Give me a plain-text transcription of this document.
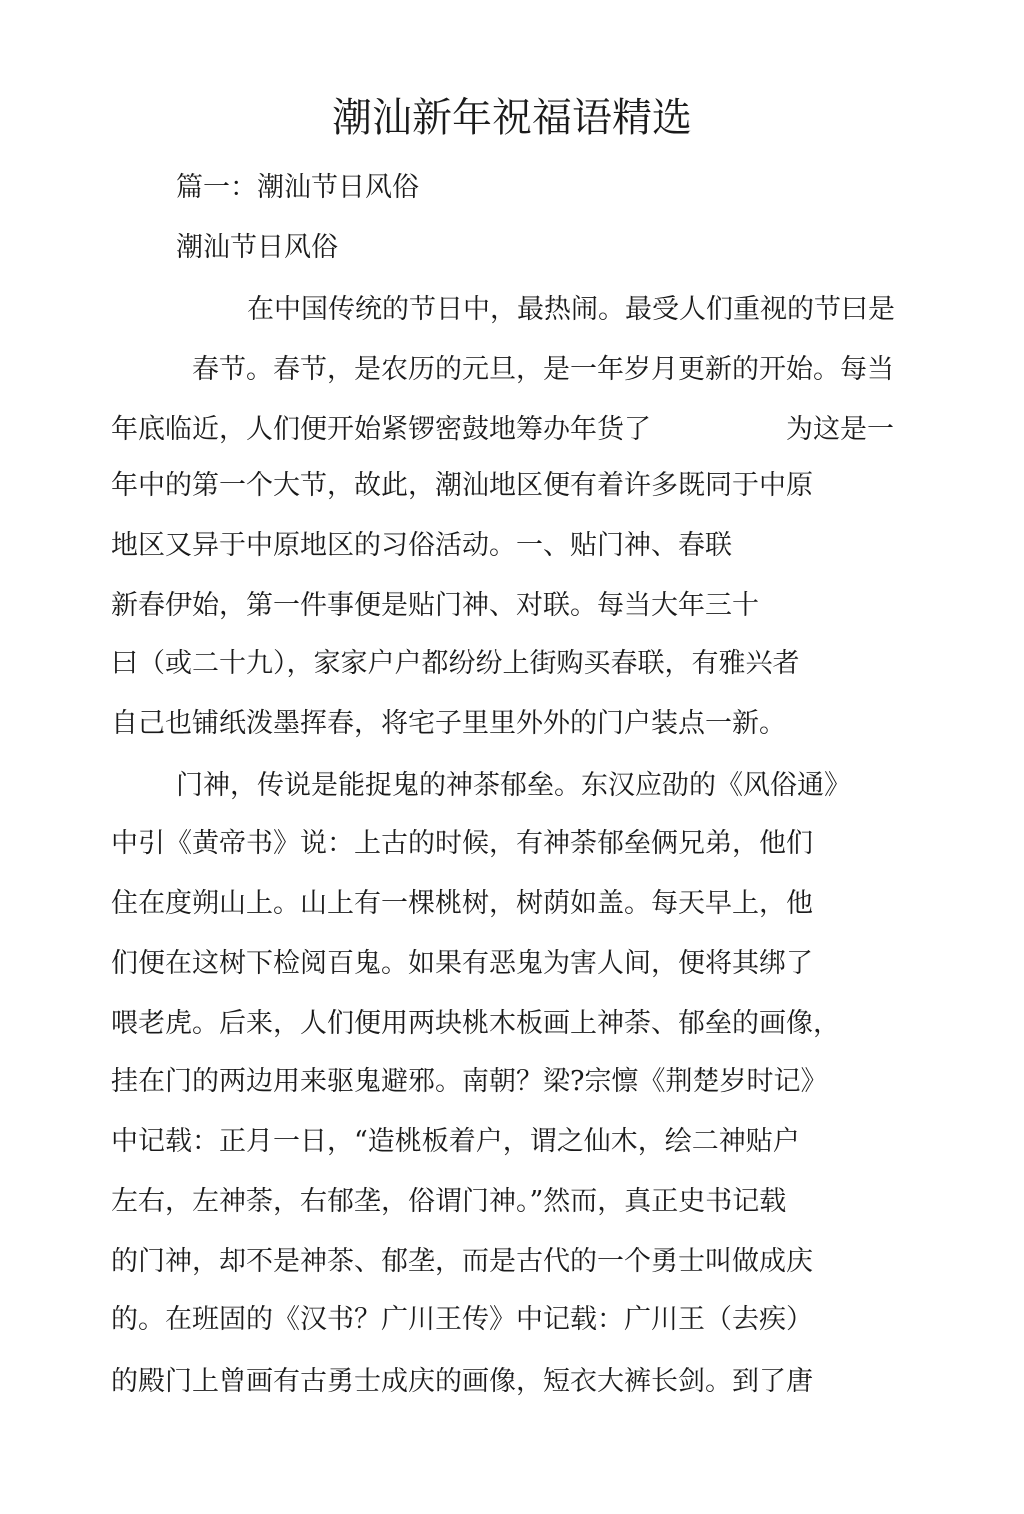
潮汕新年祝福语精选

篇一：潮汕节日风俗

潮汕节日风俗

在中国传统的节日中，最热闹。最受人们重视的节曰是

春节。春节，是农历的元旦，是一年岁月更新的开始。每当

年底临近，人们便开始紧锣密鼓地筹办年货了	为这是一

年中的第一个大节，故此，潮汕地区便有着许多既同于中原

地区又异于中原地区的习俗活动。一、贴门神、春联

新春伊始，第一件事便是贴门神、对联。每当大年三十

曰（或二十九），家家户户都纷纷上街购买春联，有雅兴者

自己也铺纸泼墨挥春，将宅子里里外外的门户装点一新。

门神，传说是能捉鬼的神茶郁垒。东汉应劭的《风俗通》

中引《黄帝书》说：上古的时候，有神荼郁垒俩兄弟，他们

住在度朔山上。山上有一棵桃树，树荫如盖。每天早上，他

们便在这树下检阅百鬼。如果有恶鬼为害人间，便将其绑了

喂老虎。后来，人们便用两块桃木板画上神荼、郁垒的画像，

挂在门的两边用来驱鬼避邪。南朝？梁?宗懔《荆楚岁时记》

中记载：正月一日，“造桃板着户，谓之仙木，绘二神贴户

左右，左神荼，右郁垄，俗谓门神。”然而，真正史书记载

的门神，却不是神茶、郁垄，而是古代的一个勇士叫做成庆

的。在班固的《汉书？广川王传》中记载：广川王（去疾）

的殿门上曾画有古勇士成庆的画像，短衣大裤长剑。到了唐
